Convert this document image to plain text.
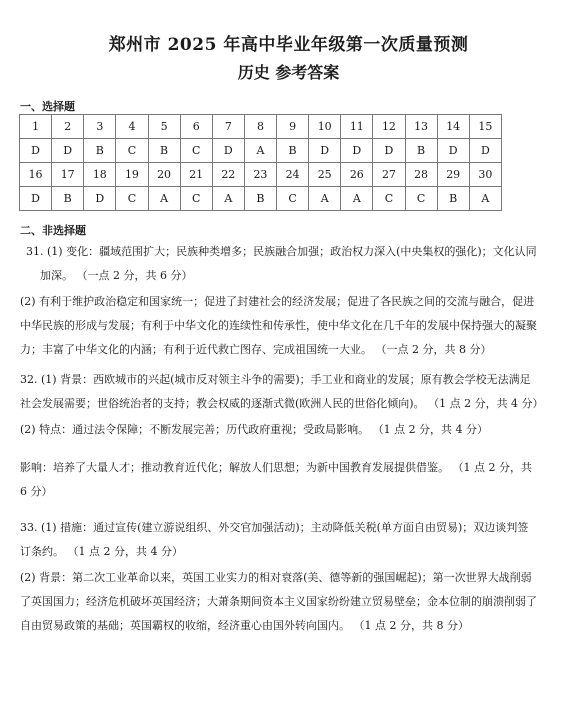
郑州市 2025 年高中毕业年级第一次质量预测
历史 参考答案
一、选择题
1	2	3	4	5	6	7	8	9	10	11	12	13	14	15
D	D	B	C	B	C	D	A	B	D	D	D	B	D	D
16	17	18	19	20	21	22	23	24	25	26	27	28	29	30
D	B	D	C	A	C	A	B	C	A	A	C	C	B	A
二、非选择题
31. (1) 变化：疆域范围扩大；民族种类增多；民族融合加强；政治权力深入(中央集权的强化)；文化认同
加深。 （一点 2 分，共 6 分）
(2) 有利于维护政治稳定和国家统一；促进了封建社会的经济发展；促进了各民族之间的交流与融合，促进
中华民族的形成与发展；有利于中华文化的连续性和传承性，使中华文化在几千年的发展中保持强大的凝聚
力；丰富了中华文化的内涵；有利于近代救亡图存、完成祖国统一大业。 （一点 2 分，共 8 分）
32. (1) 背景：西欧城市的兴起(城市反对领主斗争的需要)；手工业和商业的发展；原有教会学校无法满足
社会发展需要；世俗统治者的支持；教会权威的逐渐式微(欧洲人民的世俗化倾向)。 （1 点 2 分，共 4 分）
(2) 特点：通过法令保障；不断发展完善；历代政府重视；受政局影响。 （1 点 2 分，共 4 分）
影响：培养了大量人才；推动教育近代化；解放人们思想；为新中国教育发展提供借鉴。 （1 点 2 分，共
6 分）
33. (1) 措施：通过宣传(建立游说组织、外交官加强活动)；主动降低关税(单方面自由贸易)；双边谈判签
订条约。 （1 点 2 分，共 4 分）
(2) 背景：第二次工业革命以来，英国工业实力的相对衰落(美、德等新的强国崛起)；第一次世界大战削弱
了英国国力；经济危机破坏英国经济；大萧条期间资本主义国家纷纷建立贸易壁垒；金本位制的崩溃削弱了
自由贸易政策的基础；英国霸权的收缩，经济重心由国外转向国内。 （1 点 2 分，共 8 分）
